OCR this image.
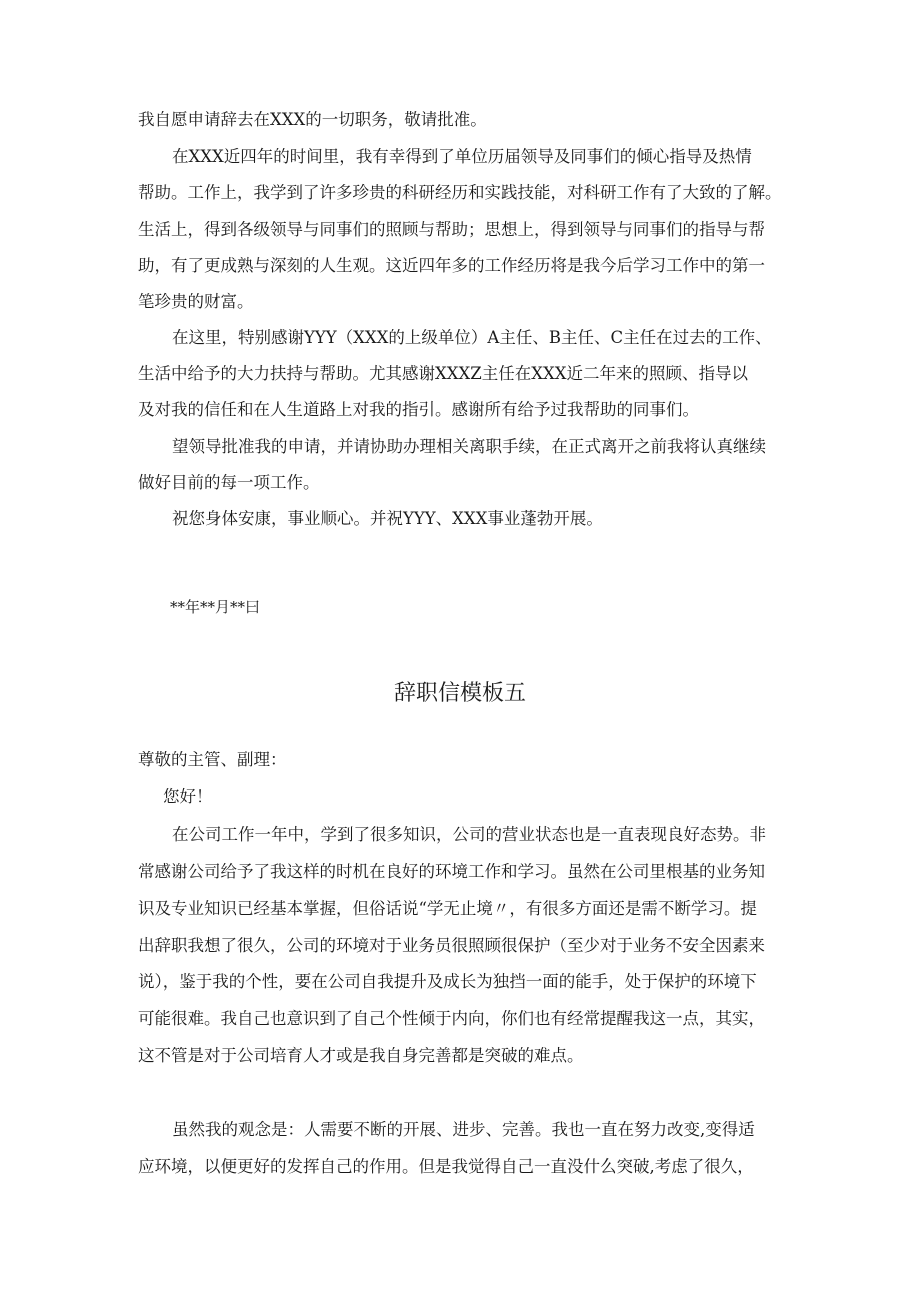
我自愿申请辞去在XXX的一切职务，敬请批准。

在XXX近四年的时间里，我有幸得到了单位历届领导及同事们的倾心指导及热情

帮助。工作上，我学到了许多珍贵的科研经历和实践技能，对科研工作有了大致的了解。

生活上，得到各级领导与同事们的照顾与帮助；思想上，得到领导与同事们的指导与帮

助，有了更成熟与深刻的人生观。这近四年多的工作经历将是我今后学习工作中的第一

笔珍贵的财富。

在这里，特别感谢YYY（XXX的上级单位）A主任、B主任、C主任在过去的工作、

生活中给予的大力扶持与帮助。尤其感谢XXXZ主任在XXX近二年来的照顾、指导以

及对我的信任和在人生道路上对我的指引。感谢所有给予过我帮助的同事们。

望领导批准我的申请，并请协助办理相关离职手续，在正式离开之前我将认真继续

做好目前的每一项工作。

祝您身体安康，事业顺心。并祝YYY、XXX事业蓬勃开展。

**年**月**曰

辞职信模板五

尊敬的主管、副理：

您好！

在公司工作一年中，学到了很多知识，公司的营业状态也是一直表现良好态势。非

常感谢公司给予了我这样的时机在良好的环境工作和学习。虽然在公司里根基的业务知

识及专业知识已经基本掌握，但俗话说“学无止境〃，有很多方面还是需不断学习。提

出辞职我想了很久，公司的环境对于业务员很照顾很保护（至少对于业务不安全因素来

说），鉴于我的个性，要在公司自我提升及成长为独挡一面的能手，处于保护的环境下

可能很难。我自己也意识到了自己个性倾于内向，你们也有经常提醒我这一点，其实，

这不管是对于公司培育人才或是我自身完善都是突破的难点。

虽然我的观念是：人需要不断的开展、进步、完善。我也一直在努力改变,变得适

应环境，以便更好的发挥自己的作用。但是我觉得自己一直没什么突破,考虑了很久，
